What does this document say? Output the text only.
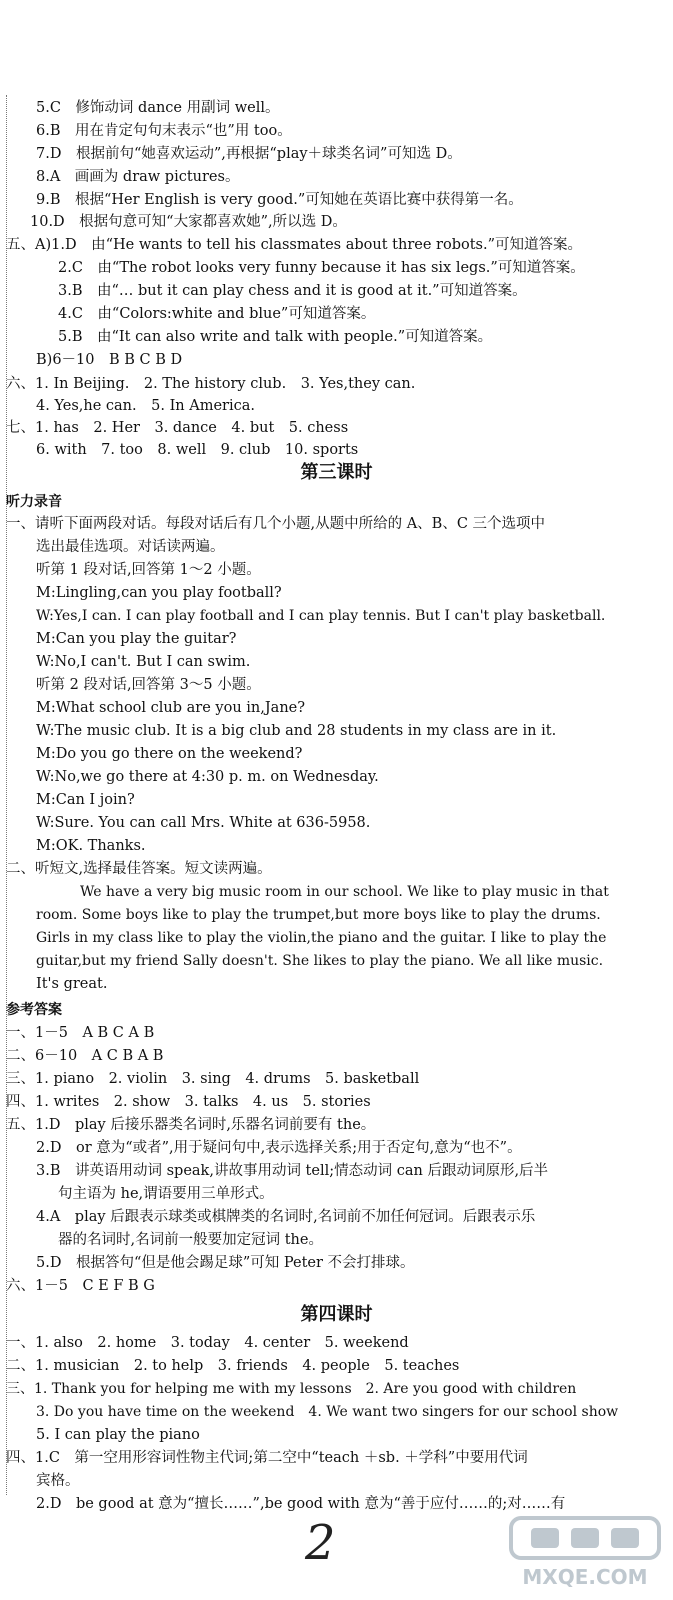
5.C　修饰动词 dance 用副词 well。
6.B　用在肯定句句末表示“也”用 too。
7.D　根据前句“她喜欢运动”,再根据“play＋球类名词”可知选 D。
8.A　画画为 draw pictures。
9.B　根据“Her English is very good.”可知她在英语比赛中获得第一名。
10.D　根据句意可知“大家都喜欢她”,所以选 D。
五、A)1.D　由“He wants to tell his classmates about three robots.”可知道答案。
2.C　由“The robot looks very funny because it has six legs.”可知道答案。
3.B　由“… but it can play chess and it is good at it.”可知道答案。
4.C　由“Colors:white and blue”可知道答案。
5.B　由“It can also write and talk with people.”可知道答案。
B)6－10　B B C B D
六、1. In Beijing.　2. The history club.　3. Yes,they can.
4. Yes,he can.　5. In America.
七、1. has　2. Her　3. dance　4. but　5. chess
6. with　7. too　8. well　9. club　10. sports
第三课时
听力录音
一、请听下面两段对话。每段对话后有几个小题,从题中所给的 A、B、C 三个选项中
选出最佳选项。对话读两遍。
听第 1 段对话,回答第 1～2 小题。
M:Lingling,can you play football?
W:Yes,I can. I can play football and I can play tennis. But I can't play basketball.
M:Can you play the guitar?
W:No,I can't. But I can swim.
听第 2 段对话,回答第 3～5 小题。
M:What school club are you in,Jane?
W:The music club. It is a big club and 28 students in my class are in it.
M:Do you go there on the weekend?
W:No,we go there at 4:30 p. m. on Wednesday.
M:Can I join?
W:Sure. You can call Mrs. White at 636-5958.
M:OK. Thanks.
二、听短文,选择最佳答案。短文读两遍。
We have a very big music room in our school. We like to play music in that
room. Some boys like to play the trumpet,but more boys like to play the drums.
Girls in my class like to play the violin,the piano and the guitar. I like to play the
guitar,but my friend Sally doesn't. She likes to play the piano. We all like music.
It's great.
参考答案
一、1－5　A B C A B
二、6－10　A C B A B
三、1. piano　2. violin　3. sing　4. drums　5. basketball
四、1. writes　2. show　3. talks　4. us　5. stories
五、1.D　play 后接乐器类名词时,乐器名词前要有 the。
2.D　or 意为“或者”,用于疑问句中,表示选择关系;用于否定句,意为“也不”。
3.B　讲英语用动词 speak,讲故事用动词 tell;情态动词 can 后跟动词原形,后半
句主语为 he,谓语要用三单形式。
4.A　play 后跟表示球类或棋牌类的名词时,名词前不加任何冠词。后跟表示乐
器的名词时,名词前一般要加定冠词 the。
5.D　根据答句“但是他会踢足球”可知 Peter 不会打排球。
六、1－5　C E F B G
第四课时
一、1. also　2. home　3. today　4. center　5. weekend
二、1. musician　2. to help　3. friends　4. people　5. teaches
三、1. Thank you for helping me with my lessons　2. Are you good with children
3. Do you have time on the weekend　4. We want two singers for our school show
5. I can play the piano
四、1.C　第一空用形容词性物主代词;第二空中“teach ＋sb. ＋学科”中要用代词
宾格。
2.D　be good at 意为“擅长……”,be good with 意为“善于应付……的;对……有
2
MXQE.COM
